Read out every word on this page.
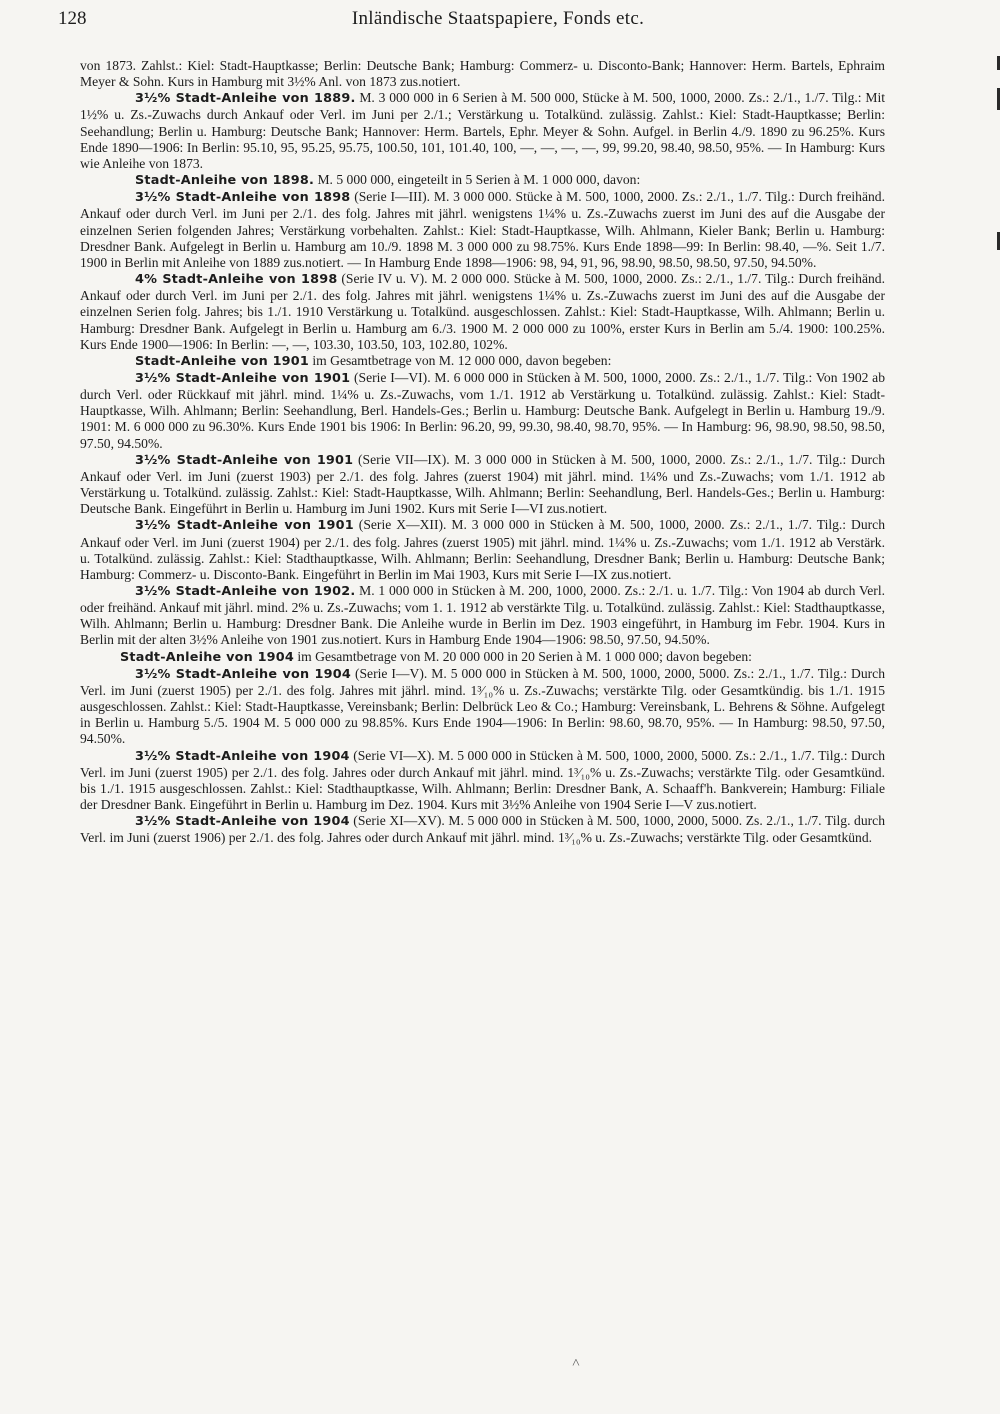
128	Inländische Staatspapiere, Fonds etc.

von 1873. Zahlst.: Kiel: Stadt-Hauptkasse; Berlin: Deutsche Bank; Hamburg: Commerz- u. Disconto-Bank; Hannover: Herm. Bartels, Ephraim Meyer & Sohn. Kurs in Hamburg mit 3½% Anl. von 1873 zus.notiert.

3½% Stadt-Anleihe von 1889. M. 3 000 000 in 6 Serien à M. 500 000, Stücke à M. 500, 1000, 2000. Zs.: 2./1., 1./7. Tilg.: Mit 1½% u. Zs.-Zuwachs durch Ankauf oder Verl. im Juni per 2./1.; Verstärkung u. Totalkünd. zulässig. Zahlst.: Kiel: Stadt-Hauptkasse; Berlin: Seehandlung; Berlin u. Hamburg: Deutsche Bank; Hannover: Herm. Bartels, Ephr. Meyer & Sohn. Aufgel. in Berlin 4./9. 1890 zu 96.25%. Kurs Ende 1890—1906: In Berlin: 95.10, 95, 95.25, 95.75, 100.50, 101, 101.40, 100, —, —, —, —, 99, 99.20, 98.40, 98.50, 95%. — In Hamburg: Kurs wie Anleihe von 1873.

Stadt-Anleihe von 1898. M. 5 000 000, eingeteilt in 5 Serien à M. 1 000 000, davon:

3½% Stadt-Anleihe von 1898 (Serie I—III). M. 3 000 000. Stücke à M. 500, 1000, 2000. Zs.: 2./1., 1./7. Tilg.: Durch freihänd. Ankauf oder durch Verl. im Juni per 2./1. des folg. Jahres mit jährl. wenigstens 1¼% u. Zs.-Zuwachs zuerst im Juni des auf die Ausgabe der einzelnen Serien folgenden Jahres; Verstärkung vorbehalten. Zahlst.: Kiel: Stadt-Hauptkasse, Wilh. Ahlmann, Kieler Bank; Berlin u. Hamburg: Dresdner Bank. Aufgelegt in Berlin u. Hamburg am 10./9. 1898 M. 3 000 000 zu 98.75%. Kurs Ende 1898—99: In Berlin: 98.40, —%. Seit 1./7. 1900 in Berlin mit Anleihe von 1889 zus.notiert. — In Hamburg Ende 1898—1906: 98, 94, 91, 96, 98.90, 98.50, 98.50, 97.50, 94.50%.

4% Stadt-Anleihe von 1898 (Serie IV u. V). M. 2 000 000. Stücke à M. 500, 1000, 2000. Zs.: 2./1., 1./7. Tilg.: Durch freihänd. Ankauf oder durch Verl. im Juni per 2./1. des folg. Jahres mit jährl. wenigstens 1¼% u. Zs.-Zuwachs zuerst im Juni des auf die Ausgabe der einzelnen Serien folg. Jahres; bis 1./1. 1910 Verstärkung u. Totalkünd. ausgeschlossen. Zahlst.: Kiel: Stadt-Hauptkasse, Wilh. Ahlmann; Berlin u. Hamburg: Dresdner Bank. Aufgelegt in Berlin u. Hamburg am 6./3. 1900 M. 2 000 000 zu 100%, erster Kurs in Berlin am 5./4. 1900: 100.25%. Kurs Ende 1900—1906: In Berlin: —, —, 103.30, 103.50, 103, 102.80, 102%.

Stadt-Anleihe von 1901 im Gesamtbetrage von M. 12 000 000, davon begeben:

3½% Stadt-Anleihe von 1901 (Serie I—VI). M. 6 000 000 in Stücken à M. 500, 1000, 2000. Zs.: 2./1., 1./7. Tilg.: Von 1902 ab durch Verl. oder Rückkauf mit jährl. mind. 1¼% u. Zs.-Zuwachs, vom 1./1. 1912 ab Verstärkung u. Totalkünd. zulässig. Zahlst.: Kiel: Stadt-Hauptkasse, Wilh. Ahlmann; Berlin: Seehandlung, Berl. Handels-Ges.; Berlin u. Hamburg: Deutsche Bank. Aufgelegt in Berlin u. Hamburg 19./9. 1901: M. 6 000 000 zu 96.30%. Kurs Ende 1901 bis 1906: In Berlin: 96.20, 99, 99.30, 98.40, 98.70, 95%. — In Hamburg: 96, 98.90, 98.50, 98.50, 97.50, 94.50%.

3½% Stadt-Anleihe von 1901 (Serie VII—IX). M. 3 000 000 in Stücken à M. 500, 1000, 2000. Zs.: 2./1., 1./7. Tilg.: Durch Ankauf oder Verl. im Juni (zuerst 1903) per 2./1. des folg. Jahres (zuerst 1904) mit jährl. mind. 1¼% und Zs.-Zuwachs; vom 1./1. 1912 ab Verstärkung u. Totalkünd. zulässig. Zahlst.: Kiel: Stadt-Hauptkasse, Wilh. Ahlmann; Berlin: Seehandlung, Berl. Handels-Ges.; Berlin u. Hamburg: Deutsche Bank. Eingeführt in Berlin u. Hamburg im Juni 1902. Kurs mit Serie I—VI zus.notiert.

3½% Stadt-Anleihe von 1901 (Serie X—XII). M. 3 000 000 in Stücken à M. 500, 1000, 2000. Zs.: 2./1., 1./7. Tilg.: Durch Ankauf oder Verl. im Juni (zuerst 1904) per 2./1. des folg. Jahres (zuerst 1905) mit jährl. mind. 1¼% u. Zs.-Zuwachs; vom 1./1. 1912 ab Verstärk. u. Totalkünd. zulässig. Zahlst.: Kiel: Stadthauptkasse, Wilh. Ahlmann; Berlin: Seehandlung, Dresdner Bank; Berlin u. Hamburg: Deutsche Bank; Hamburg: Commerz- u. Disconto-Bank. Eingeführt in Berlin im Mai 1903, Kurs mit Serie I—IX zus.notiert.

3½% Stadt-Anleihe von 1902. M. 1 000 000 in Stücken à M. 200, 1000, 2000. Zs.: 2./1. u. 1./7. Tilg.: Von 1904 ab durch Verl. oder freihänd. Ankauf mit jährl. mind. 2% u. Zs.-Zuwachs; vom 1. 1. 1912 ab verstärkte Tilg. u. Totalkünd. zulässig. Zahlst.: Kiel: Stadthauptkasse, Wilh. Ahlmann; Berlin u. Hamburg: Dresdner Bank. Die Anleihe wurde in Berlin im Dez. 1903 eingeführt, in Hamburg im Febr. 1904. Kurs in Berlin mit der alten 3½% Anleihe von 1901 zus.notiert. Kurs in Hamburg Ende 1904—1906: 98.50, 97.50, 94.50%.

Stadt-Anleihe von 1904 im Gesamtbetrage von M. 20 000 000 in 20 Serien à M. 1 000 000; davon begeben:

3½% Stadt-Anleihe von 1904 (Serie I—V). M. 5 000 000 in Stücken à M. 500, 1000, 2000, 5000. Zs.: 2./1., 1./7. Tilg.: Durch Verl. im Juni (zuerst 1905) per 2./1. des folg. Jahres mit jährl. mind. 1³⁄₁₀% u. Zs.-Zuwachs; verstärkte Tilg. oder Gesamtkündig. bis 1./1. 1915 ausgeschlossen. Zahlst.: Kiel: Stadt-Hauptkasse, Vereinsbank; Berlin: Delbrück Leo & Co.; Hamburg: Vereinsbank, L. Behrens & Söhne. Aufgelegt in Berlin u. Hamburg 5./5. 1904 M. 5 000 000 zu 98.85%. Kurs Ende 1904—1906: In Berlin: 98.60, 98.70, 95%. — In Hamburg: 98.50, 97.50, 94.50%.

3½% Stadt-Anleihe von 1904 (Serie VI—X). M. 5 000 000 in Stücken à M. 500, 1000, 2000, 5000. Zs.: 2./1., 1./7. Tilg.: Durch Verl. im Juni (zuerst 1905) per 2./1. des folg. Jahres oder durch Ankauf mit jährl. mind. 1³⁄₁₀% u. Zs.-Zuwachs; verstärkte Tilg. oder Gesamtkünd. bis 1./1. 1915 ausgeschlossen. Zahlst.: Kiel: Stadthauptkasse, Wilh. Ahlmann; Berlin: Dresdner Bank, A. Schaaff'h. Bankverein; Hamburg: Filiale der Dresdner Bank. Eingeführt in Berlin u. Hamburg im Dez. 1904. Kurs mit 3½% Anleihe von 1904 Serie I—V zus.notiert.

3½% Stadt-Anleihe von 1904 (Serie XI—XV). M. 5 000 000 in Stücken à M. 500, 1000, 2000, 5000. Zs. 2./1., 1./7. Tilg. durch Verl. im Juni (zuerst 1906) per 2./1. des folg. Jahres oder durch Ankauf mit jährl. mind. 1³⁄₁₀% u. Zs.-Zuwachs; verstärkte Tilg. oder Gesamtkünd.

˄
